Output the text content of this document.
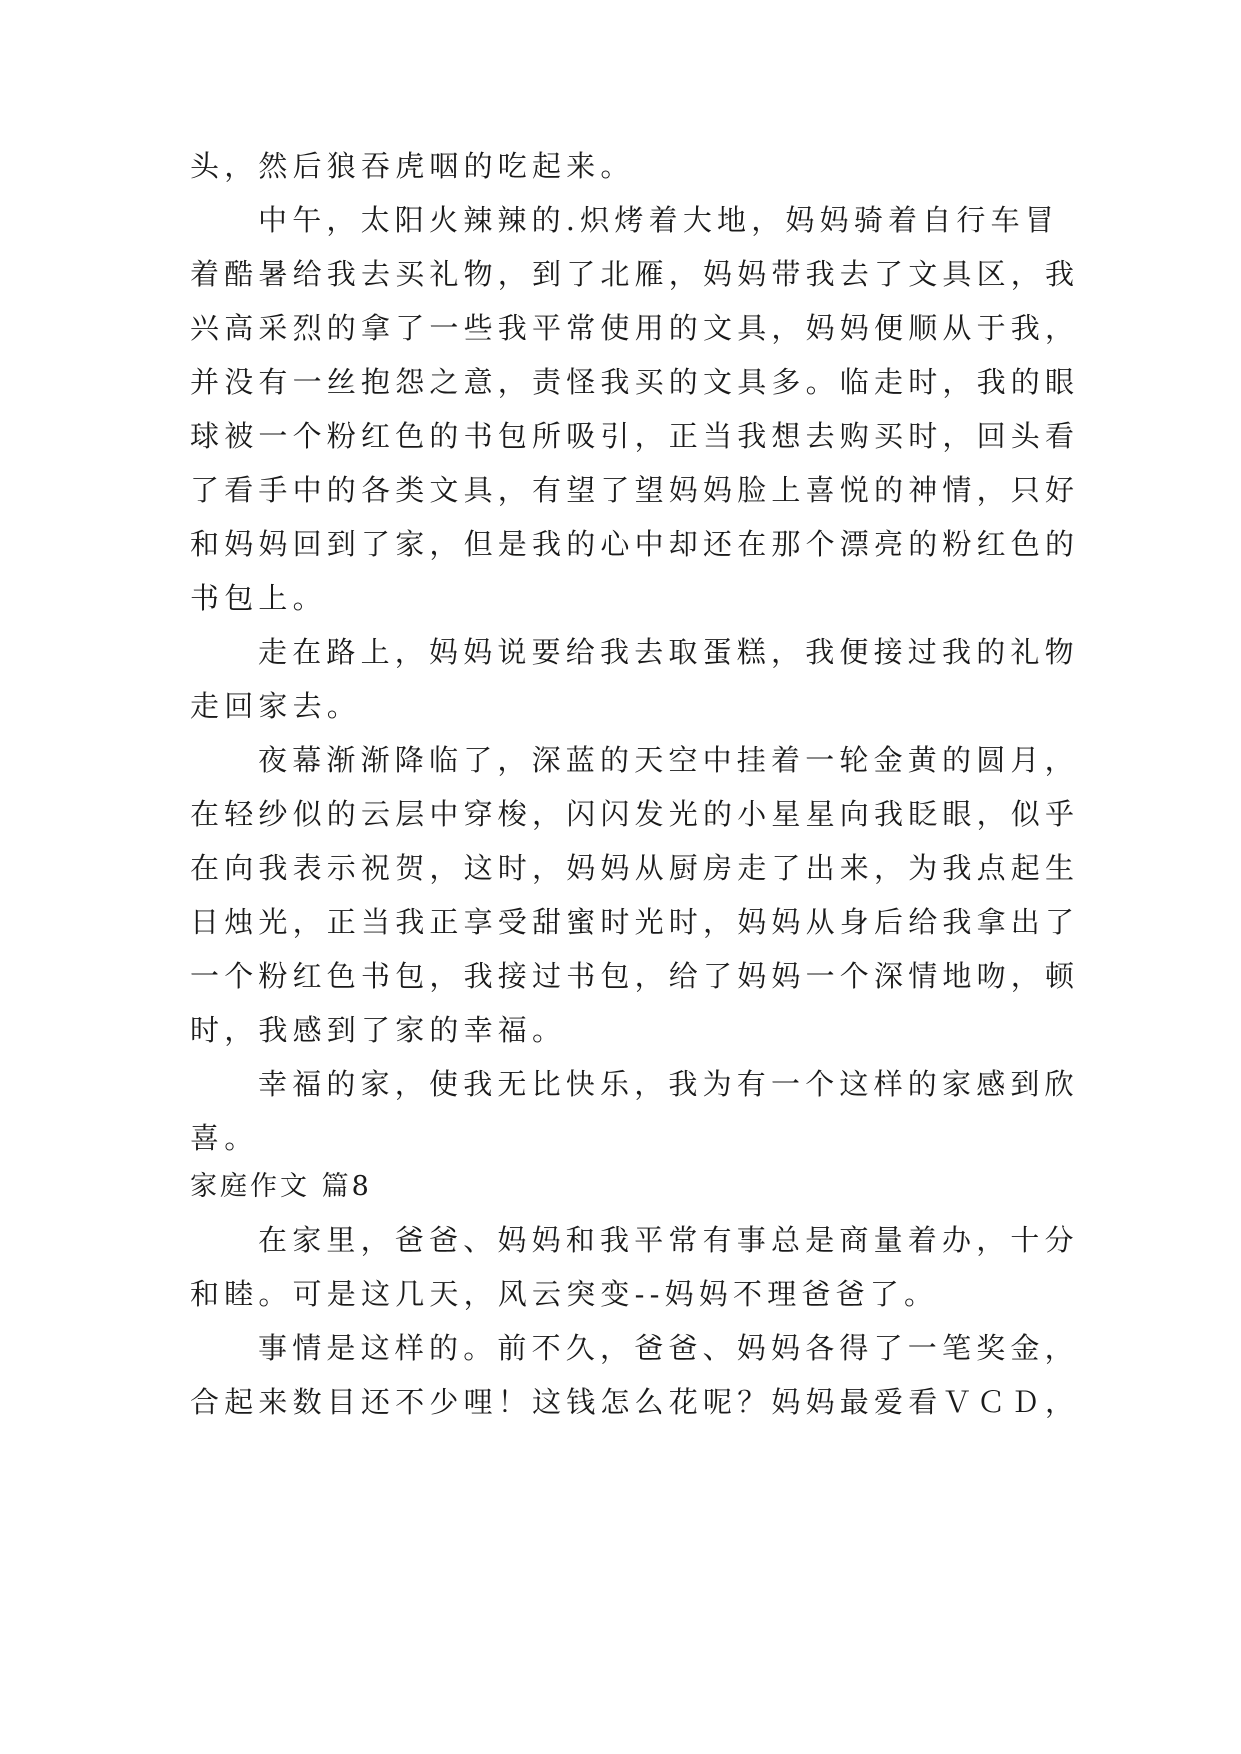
头，然后狼吞虎咽的吃起来。
中午，太阳火辣辣的.炽烤着大地，妈妈骑着自行车冒
着酷暑给我去买礼物，到了北雁，妈妈带我去了文具区，我
兴高采烈的拿了一些我平常使用的文具，妈妈便顺从于我，
并没有一丝抱怨之意，责怪我买的文具多。临走时，我的眼
球被一个粉红色的书包所吸引，正当我想去购买时，回头看
了看手中的各类文具，有望了望妈妈脸上喜悦的神情，只好
和妈妈回到了家，但是我的心中却还在那个漂亮的粉红色的
书包上。
走在路上，妈妈说要给我去取蛋糕，我便接过我的礼物
走回家去。
夜幕渐渐降临了，深蓝的天空中挂着一轮金黄的圆月，
在轻纱似的云层中穿梭，闪闪发光的小星星向我眨眼，似乎
在向我表示祝贺，这时，妈妈从厨房走了出来，为我点起生
日烛光，正当我正享受甜蜜时光时，妈妈从身后给我拿出了
一个粉红色书包，我接过书包，给了妈妈一个深情地吻，顿
时，我感到了家的幸福。
幸福的家，使我无比快乐，我为有一个这样的家感到欣
喜。
家庭作文 篇8
在家里，爸爸、妈妈和我平常有事总是商量着办，十分
和睦。可是这几天，风云突变--妈妈不理爸爸了。
事情是这样的。前不久，爸爸、妈妈各得了一笔奖金，
合起来数目还不少哩！这钱怎么花呢？妈妈最爱看ＶＣＤ，
